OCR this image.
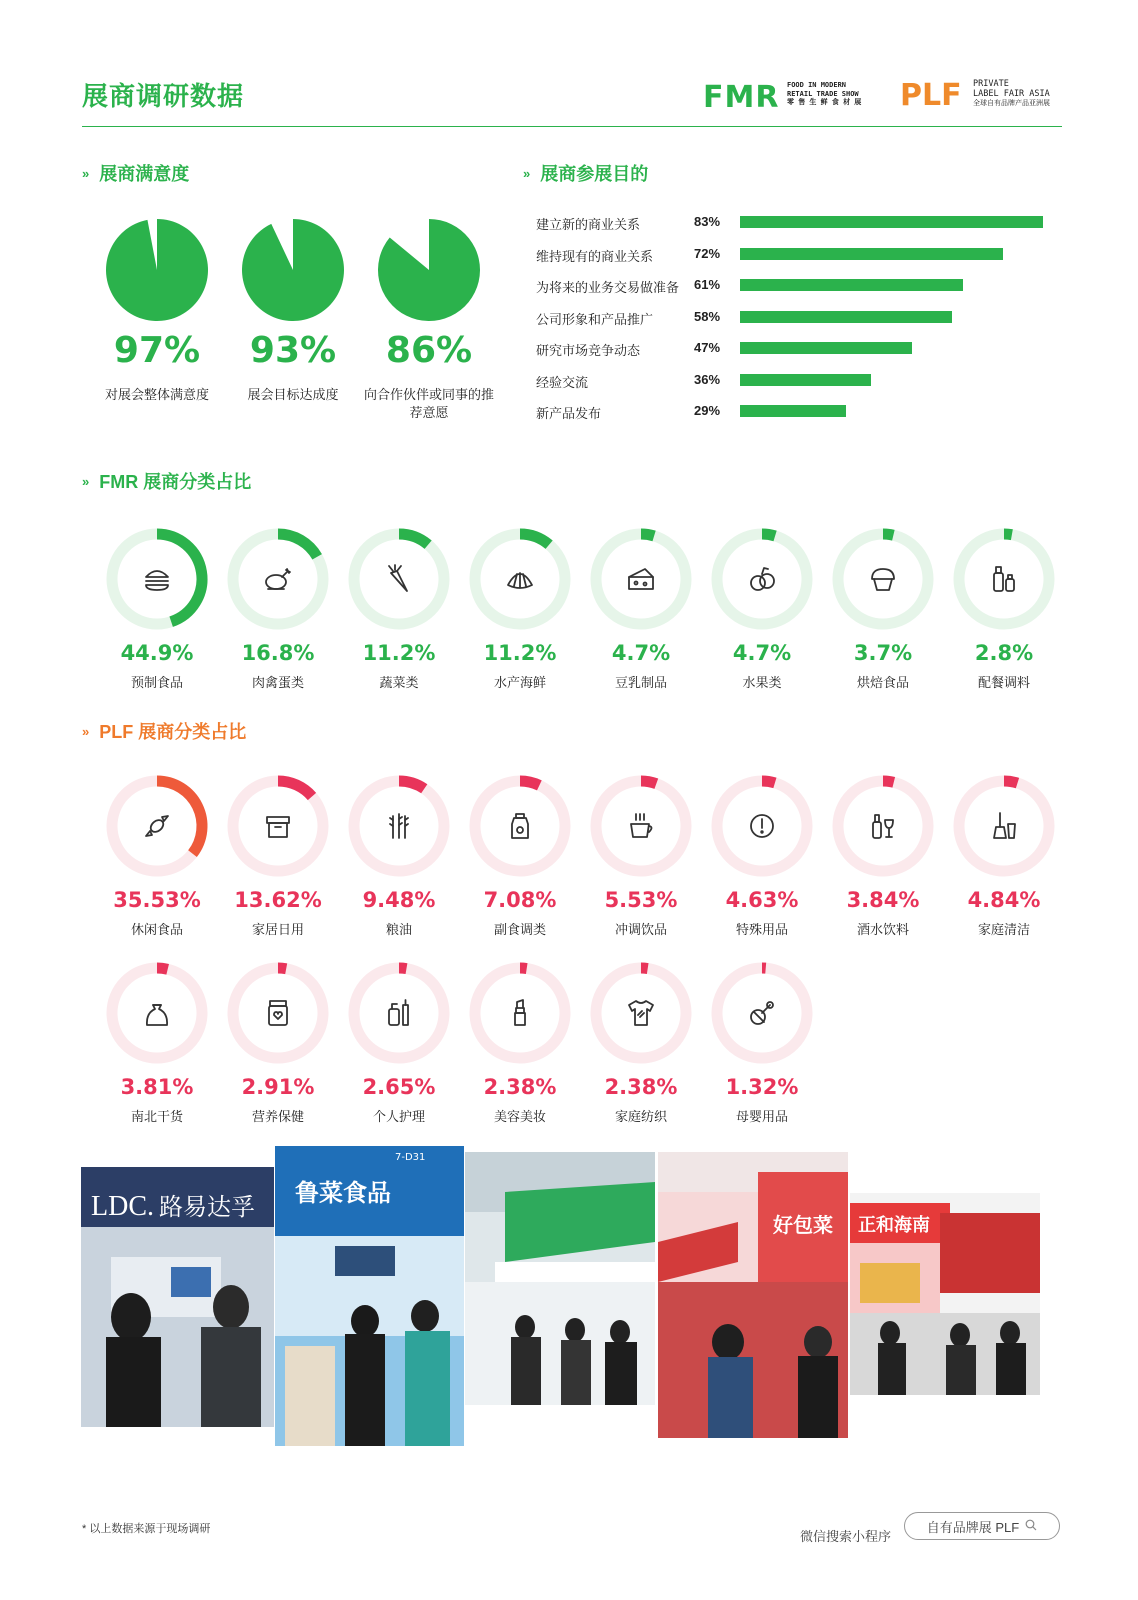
展商调研数据	FMR FOOD IN MODERN
RETAIL TRADE SHOW
零 售 生 鲜 食 材 展 PLF PRIVATE
LABEL FAIR ASIA
全球自有品牌产品亚洲展
» 展商满意度
97%
对展会整体满意度
93%
展会目标达成度
86%
向合作伙伴或同事的推荐意愿
» 展商参展目的
建立新的商业关系	83%
维持现有的商业关系	72%
为将来的业务交易做准备 61%
公司形象和产品推广	58%
研究市场竞争动态	47%
经验交流	36%
新产品发布	29%
» FMR 展商分类占比
44.9%
预制食品
16.8%
肉禽蛋类
11.2%
蔬菜类
11.2%
水产海鲜
4.7%
豆乳制品
4.7%
水果类
3.7%
烘焙食品
2.8%
配餐调料
» PLF 展商分类占比
35.53%
休闲食品
13.62%
家居日用
9.48%
粮油
7.08%
副食调类
5.53%
冲调饮品
4.63%
特殊用品
3.84%
酒水饮料
4.84%
家庭清洁
3.81%
南北干货
2.91%
营养保健
2.65%
个人护理
2.38%
美容美妆
2.38%
家庭纺织
1.32%
母婴用品
LDC. 路易达孚 鲁菜食品
7-D31
好包菜 正和海南
* 以上数据来源于现场调研	微信搜索小程序
自有品牌展 PLF
